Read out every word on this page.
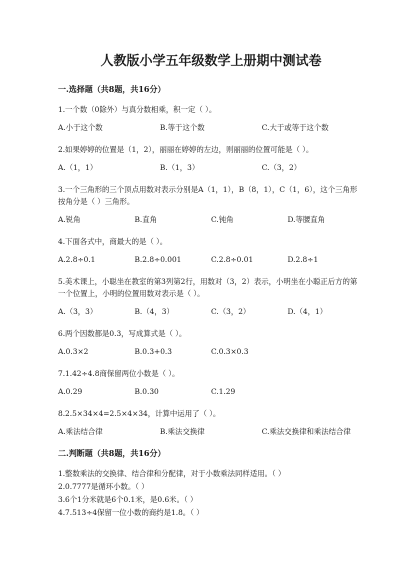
人教版小学五年级数学上册期中测试卷
一.选择题（共8题，共16分）
1.一个数（0除外）与真分数相乘，积一定（ ）。
A.小于这个数	B.等于这个数	C.大于或等于这个数
2.如果婷婷的位置是（1，2），丽丽在婷婷的左边，则丽丽的位置可能是（ ）。
A.（1，1）	B.（1，3）	C.（3，2）
3.一个三角形的三个顶点用数对表示分别是A（1，1），B（8，1），C（1，6），这个三角形按角分是（ ）三角形。
A.锐角	B.直角	C.钝角	D.等腰直角
4.下面各式中，商最大的是（ ）。
A.2.8÷0.1	B.2.8÷0.001	C.2.8÷0.01	D.2.8÷1
5.美术课上，小聪坐在教室的第3列第2行，用数对（3，2）表示，小明坐在小聪正后方的第一个位置上，小明的位置用数对表示是（ ）。
A.（3，3）	B.（4，3）	C.（3，2）	D.（4，1）
6.两个因数都是0.3，写成算式是（ ）。
A.0.3×2	B.0.3+0.3	C.0.3×0.3
7.1.42÷4.8商保留两位小数是（ ）。
A.0.29	B.0.30	C.1.29
8.2.5×34×4=2.5×4×34，计算中运用了（ ）。
A.乘法结合律	B.乘法交换律	C.乘法交换律和乘法结合律
二.判断题（共8题，共16分）
1.整数乘法的交换律、结合律和分配律，对于小数乘法同样适用。（ ）
2.0.7777是循环小数。（ ）
3.6个1分米就是6个0.1米，是0.6米。（ ）
4.7.513÷4保留一位小数的商约是1.8。（ ）
